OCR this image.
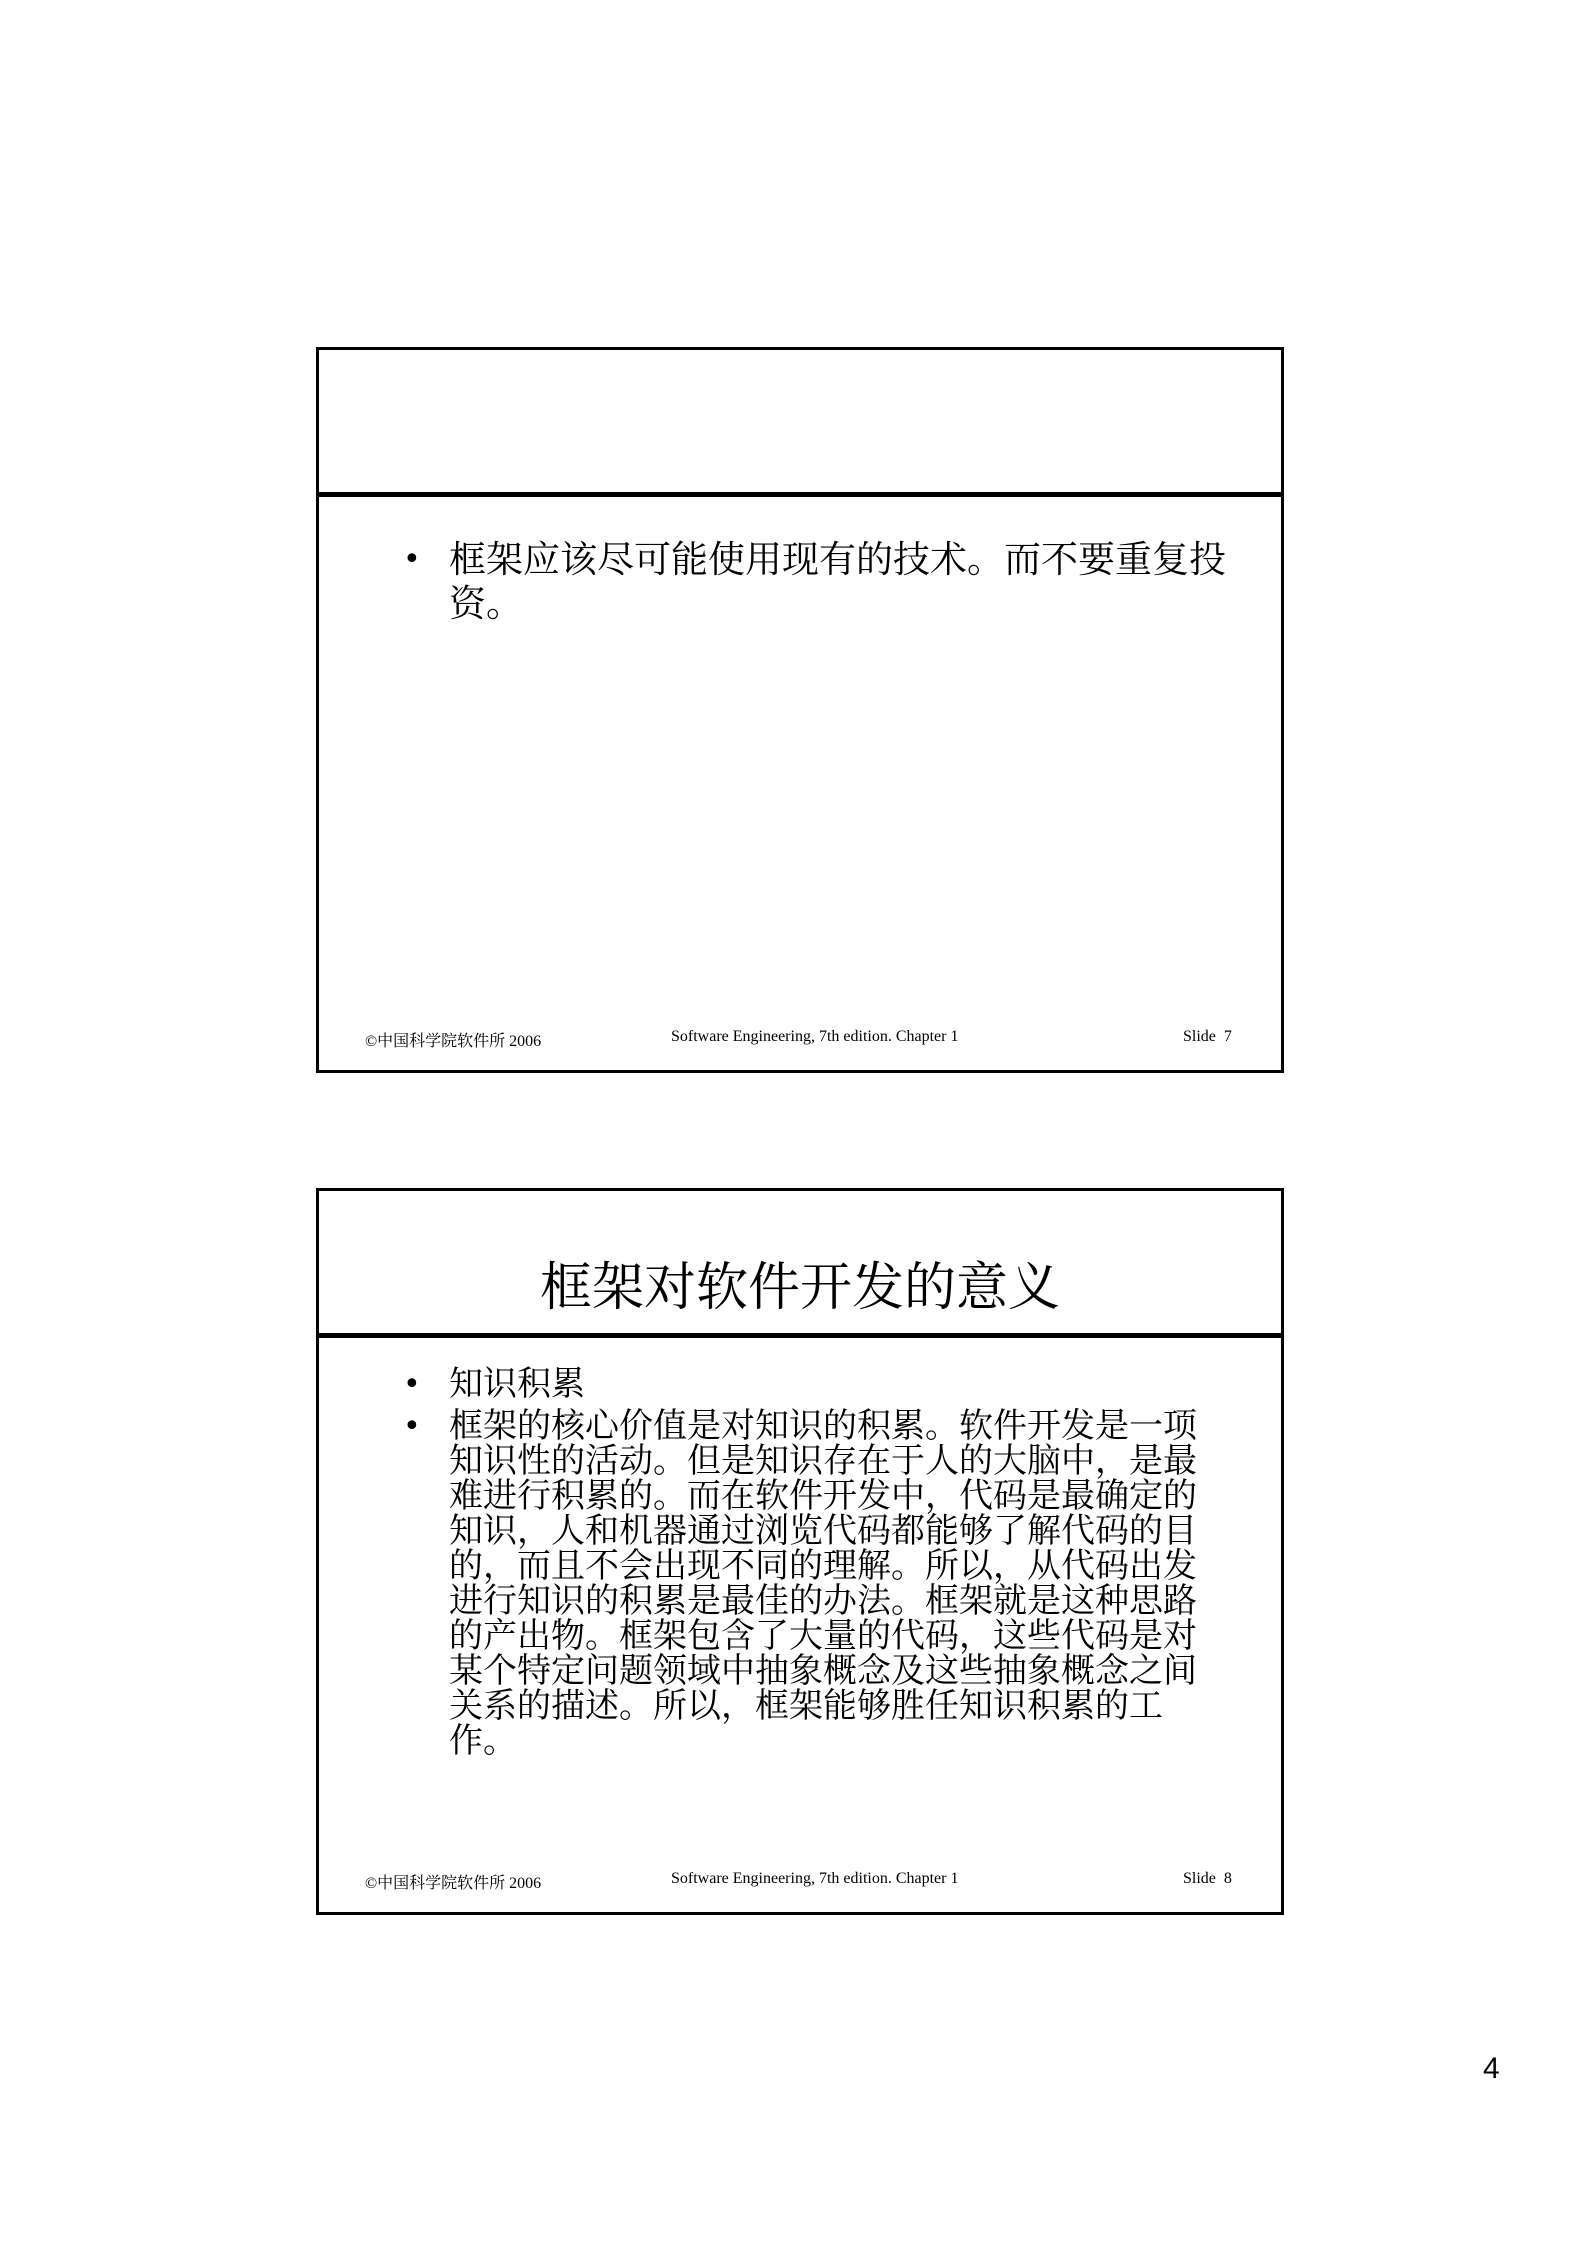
• 框架应该尽可能使用现有的技术。而不要重复投资。
©中国科学院软件所 2006	Software Engineering, 7th edition. Chapter 1	Slide  7
框架对软件开发的意义
• 知识积累
• 框架的核心价值是对知识的积累。软件开发是一项知识性的活动。但是知识存在于人的大脑中，是最难进行积累的。而在软件开发中，代码是最确定的知识，人和机器通过浏览代码都能够了解代码的目的，而且不会出现不同的理解。所以，从代码出发进行知识的积累是最佳的办法。框架就是这种思路的产出物。框架包含了大量的代码，这些代码是对某个特定问题领域中抽象概念及这些抽象概念之间关系的描述。所以，框架能够胜任知识积累的工作。
©中国科学院软件所 2006	Software Engineering, 7th edition. Chapter 1	Slide  8
4
